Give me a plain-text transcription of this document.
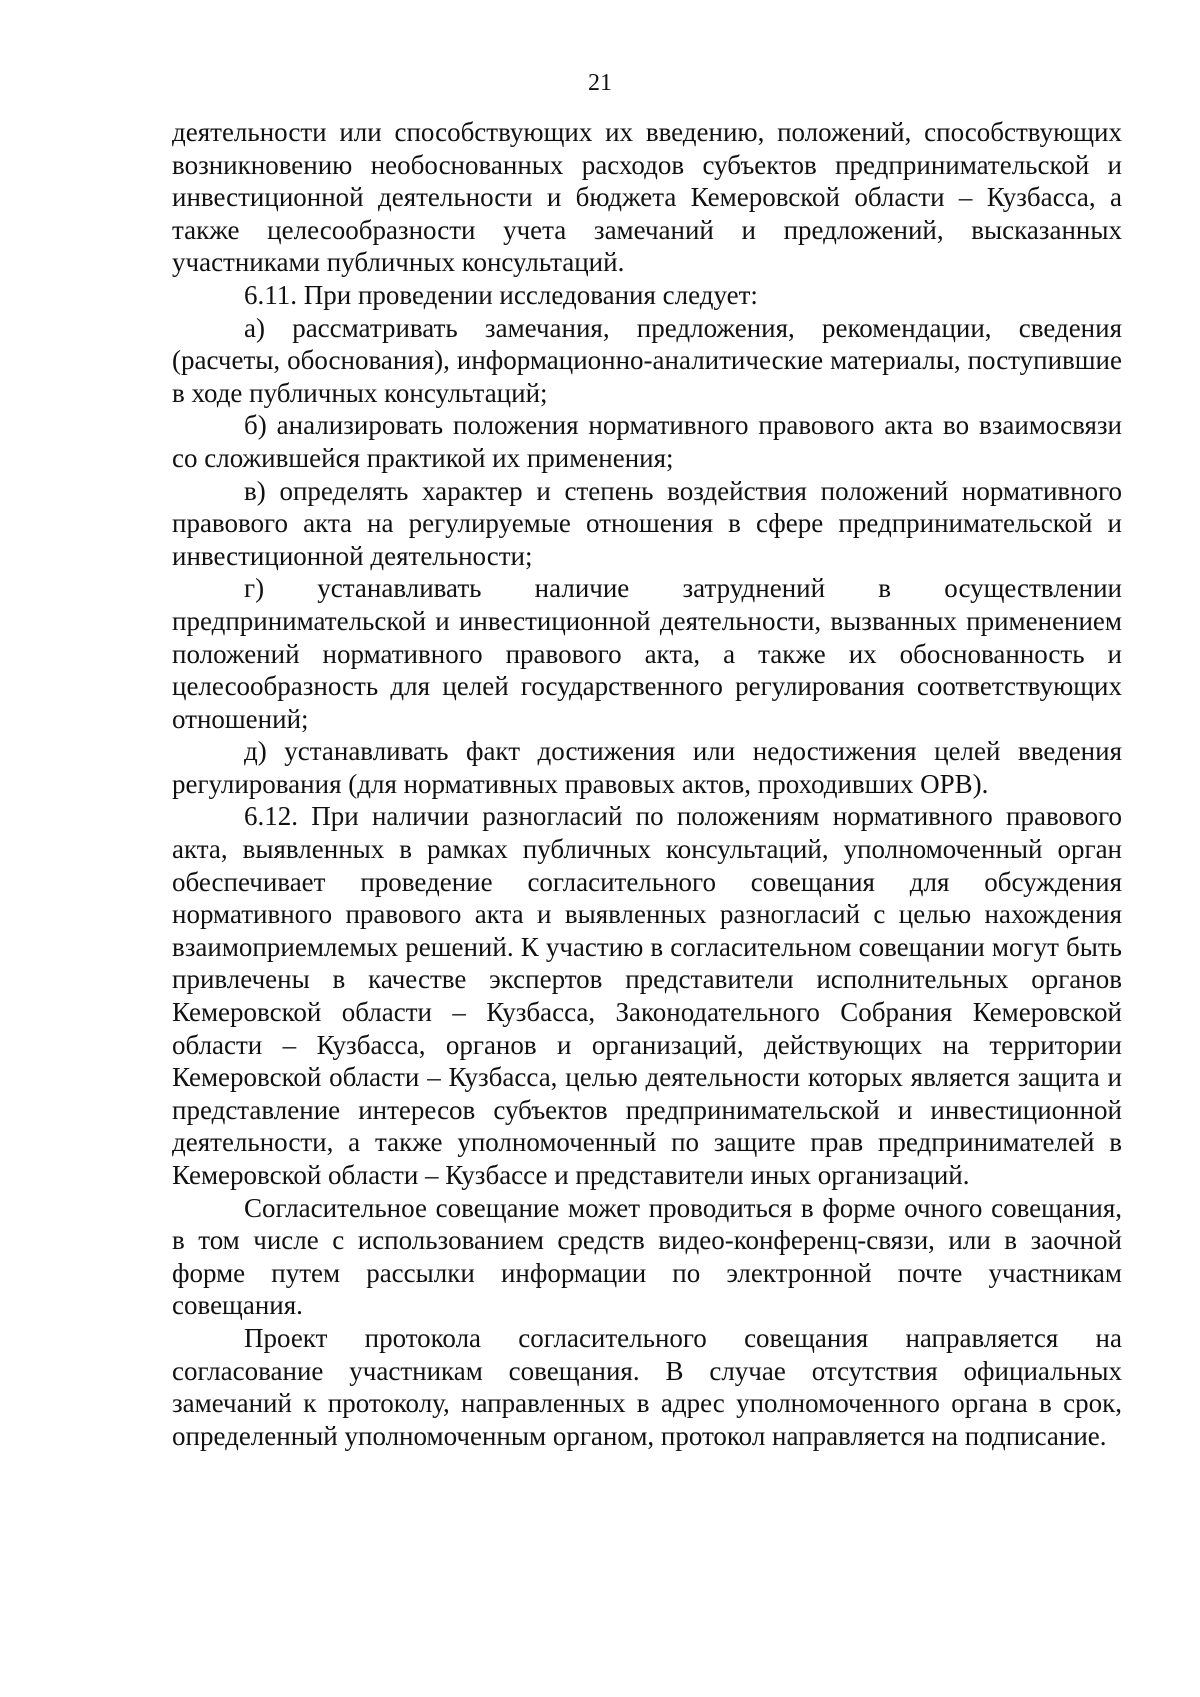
21

деятельности или способствующих их введению, положений, способствующих возникновению необоснованных расходов субъектов предпринимательской и инвестиционной деятельности и бюджета Кемеровской области – Кузбасса, а также целесообразности учета замечаний и предложений, высказанных участниками публичных консультаций.

6.11. При проведении исследования следует:

а) рассматривать замечания, предложения, рекомендации, сведения (расчеты, обоснования), информационно-аналитические материалы, поступившие в ходе публичных консультаций;

б) анализировать положения нормативного правового акта во взаимосвязи со сложившейся практикой их применения;

в) определять характер и степень воздействия положений нормативного правового акта на регулируемые отношения в сфере предпринимательской и инвестиционной деятельности;

г) устанавливать наличие затруднений в осуществлении предпринимательской и инвестиционной деятельности, вызванных применением положений нормативного правового акта, а также их обоснованность и целесообразность для целей государственного регулирования соответствующих отношений;

д) устанавливать факт достижения или недостижения целей введения регулирования (для нормативных правовых актов, проходивших ОРВ).

6.12. При наличии разногласий по положениям нормативного правового акта, выявленных в рамках публичных консультаций, уполномоченный орган обеспечивает проведение согласительного совещания для обсуждения нормативного правового акта и выявленных разногласий с целью нахождения взаимоприемлемых решений. К участию в согласительном совещании могут быть привлечены в качестве экспертов представители исполнительных органов Кемеровской области – Кузбасса, Законодательного Собрания Кемеровской области – Кузбасса, органов и организаций, действующих на территории Кемеровской области – Кузбасса, целью деятельности которых является защита и представление интересов субъектов предпринимательской и инвестиционной деятельности, а также уполномоченный по защите прав предпринимателей в Кемеровской области – Кузбассе и представители иных организаций.

Согласительное совещание может проводиться в форме очного совещания, в том числе с использованием средств видео-конференц-связи, или в заочной форме путем рассылки информации по электронной почте участникам совещания.

Проект протокола согласительного совещания направляется на согласование участникам совещания. В случае отсутствия официальных замечаний к протоколу, направленных в адрес уполномоченного органа в срок, определенный уполномоченным органом, протокол направляется на подписание.
